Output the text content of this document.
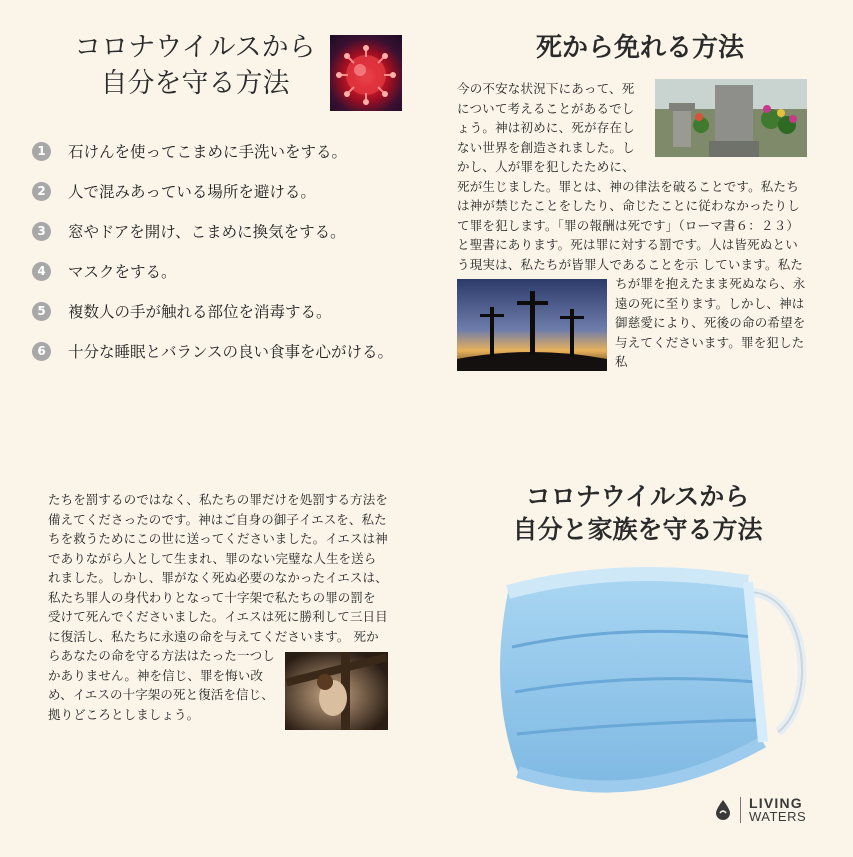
コロナウイルスから
自分を守る方法
1	石けんを使ってこまめに手洗いをする。
2	人で混みあっている場所を避ける。
3	窓やドアを開け、こまめに換気をする。
4	マスクをする。
5	複数人の手が触れる部位を消毒する。
6	十分な睡眠とバランスの良い食事を心がける。
死から免れる方法
今の不安な状況下にあって、死について考えることがあるでしょう。神は初めに、死が存在しない世界を創造されました。しかし、人が罪を犯したために、死が生じました。罪とは、神の律法を破ることです。私たちは神が禁じたことをしたり、命じたことに従わなかったりして罪を犯します。「罪の報酬は死です」（ローマ書６：２３）と聖書にあります。死は罪に対する罰です。人は皆死ぬという現実は、私たちが皆罪人であることを示 しています。私たちが罪を抱えたまま死ぬなら、永遠の死に至ります。しかし、神は御慈愛により、死後の命の希望を与えてくださいます。罪を犯した私
たちを罰するのではなく、私たちの罪だけを処罰する方法を備えてくださったのです。神はご自身の御子イエスを、私たちを救うためにこの世に送ってくださいました。イエスは神でありながら人として生まれ、罪のない完璧な人生を送られました。しかし、罪がなく死ぬ必要のなかったイエスは、私たち罪人の身代わりとなって十字架で私たちの罪の罰を受けて死んでくださいました。イエスは死に勝利して三日目に復活し、私たちに永遠の命を与えてくださいます。 死からあなたの命を守る方法はたった一つしかありません。神を信じ、罪を悔い改め、イエスの十字架の死と復活を信じ、拠りどころとしましょう。
コロナウイルスから
自分と家族を守る方法
LIVING
WATERS
